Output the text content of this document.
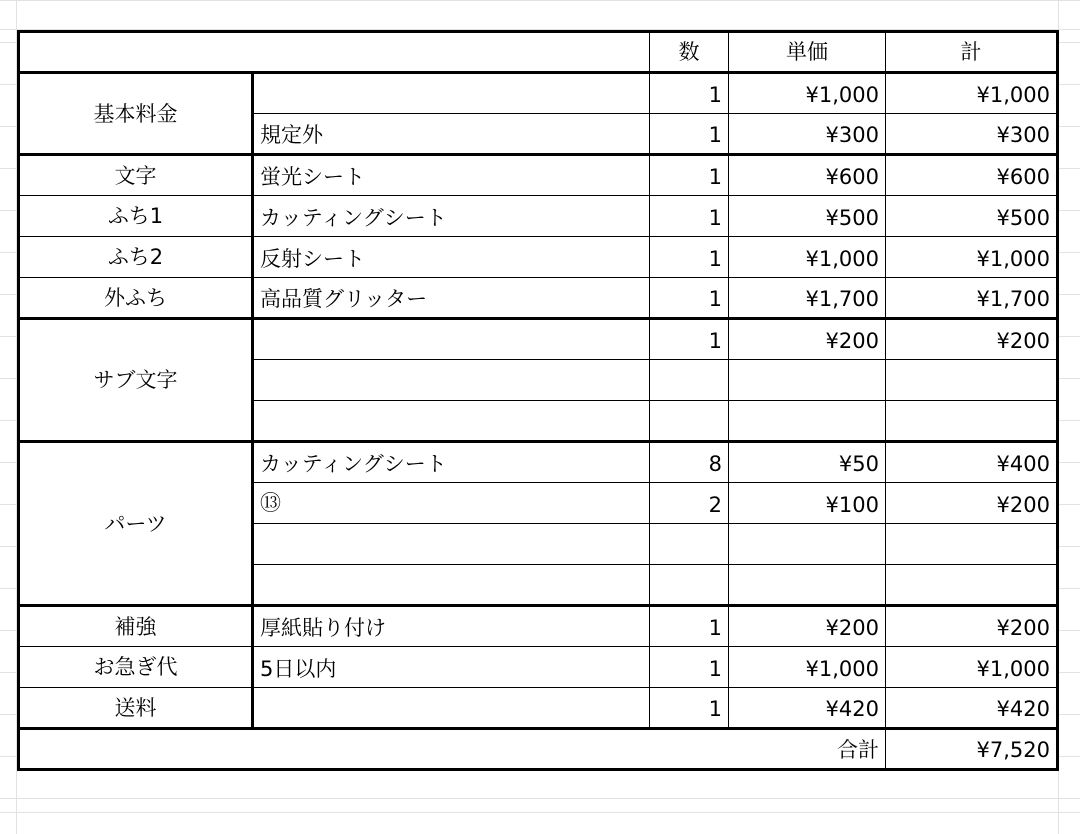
		数	単価	計
基本料金		1	¥1,000	¥1,000
	規定外	1	¥300	¥300
文字	蛍光シート	1	¥600	¥600
ふち1	カッティングシート	1	¥500	¥500
ふち2	反射シート	1	¥1,000	¥1,000
外ふち	高品質グリッター	1	¥1,700	¥1,700
サブ文字		1	¥200	¥200

パーツ	カッティングシート	8	¥50	¥400
	⑬	2	¥100	¥200

補強	厚紙貼り付け	1	¥200	¥200
お急ぎ代	5日以内	1	¥1,000	¥1,000
送料		1	¥420	¥420
合計				¥7,520
